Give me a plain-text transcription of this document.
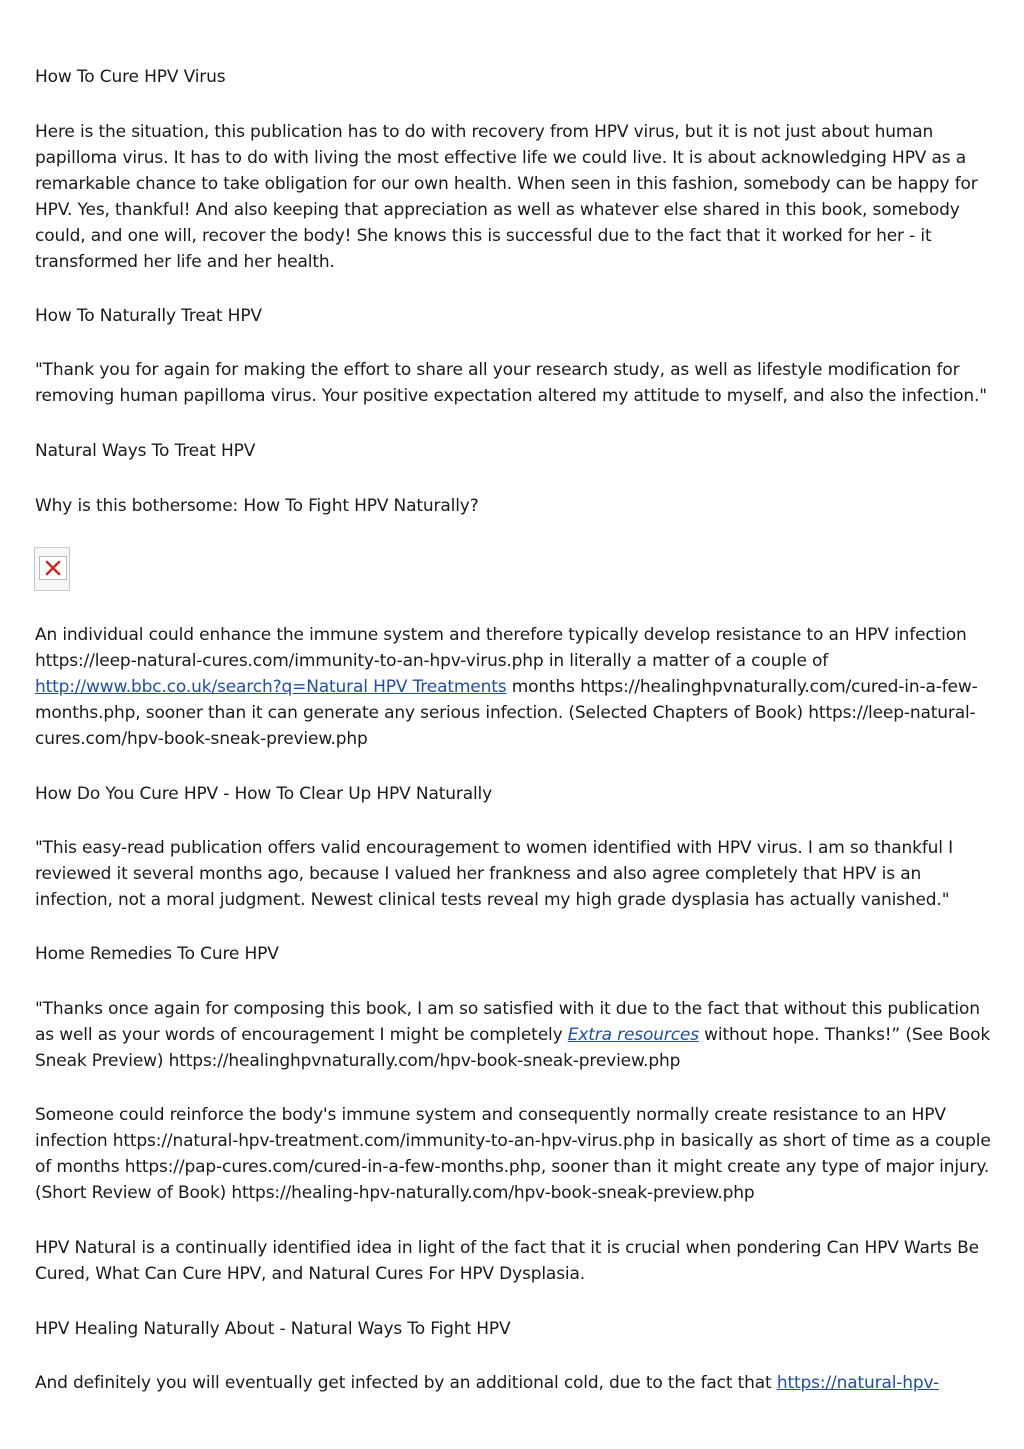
How To Cure HPV Virus

Here is the situation, this publication has to do with recovery from HPV virus, but it is not just about human papilloma virus. It has to do with living the most effective life we could live. It is about acknowledging HPV as a remarkable chance to take obligation for our own health. When seen in this fashion, somebody can be happy for HPV. Yes, thankful! And also keeping that appreciation as well as whatever else shared in this book, somebody could, and one will, recover the body! She knows this is successful due to the fact that it worked for her - it transformed her life and her health.

How To Naturally Treat HPV

"Thank you for again for making the effort to share all your research study, as well as lifestyle modification for removing human papilloma virus. Your positive expectation altered my attitude to myself, and also the infection."

Natural Ways To Treat HPV

Why is this bothersome: How To Fight HPV Naturally?

An individual could enhance the immune system and therefore typically develop resistance to an HPV infection https://leep-natural-cures.com/immunity-to-an-hpv-virus.php in literally a matter of a couple of http://www.bbc.co.uk/search?q=Natural HPV Treatments months https://healinghpvnaturally.com/cured-in-a-few-months.php, sooner than it can generate any serious infection. (Selected Chapters of Book) https://leep-natural-cures.com/hpv-book-sneak-preview.php

How Do You Cure HPV - How To Clear Up HPV Naturally

"This easy-read publication offers valid encouragement to women identified with HPV virus. I am so thankful I reviewed it several months ago, because I valued her frankness and also agree completely that HPV is an infection, not a moral judgment. Newest clinical tests reveal my high grade dysplasia has actually vanished."

Home Remedies To Cure HPV

"Thanks once again for composing this book, I am so satisfied with it due to the fact that without this publication as well as your words of encouragement I might be completely Extra resources without hope. Thanks!” (See Book Sneak Preview) https://healinghpvnaturally.com/hpv-book-sneak-preview.php

Someone could reinforce the body's immune system and consequently normally create resistance to an HPV infection https://natural-hpv-treatment.com/immunity-to-an-hpv-virus.php in basically as short of time as a couple of months https://pap-cures.com/cured-in-a-few-months.php, sooner than it might create any type of major injury. (Short Review of Book) https://healing-hpv-naturally.com/hpv-book-sneak-preview.php

HPV Natural is a continually identified idea in light of the fact that it is crucial when pondering Can HPV Warts Be Cured, What Can Cure HPV, and Natural Cures For HPV Dysplasia.

HPV Healing Naturally About - Natural Ways To Fight HPV

And definitely you will eventually get infected by an additional cold, due to the fact that https://natural-hpv-
